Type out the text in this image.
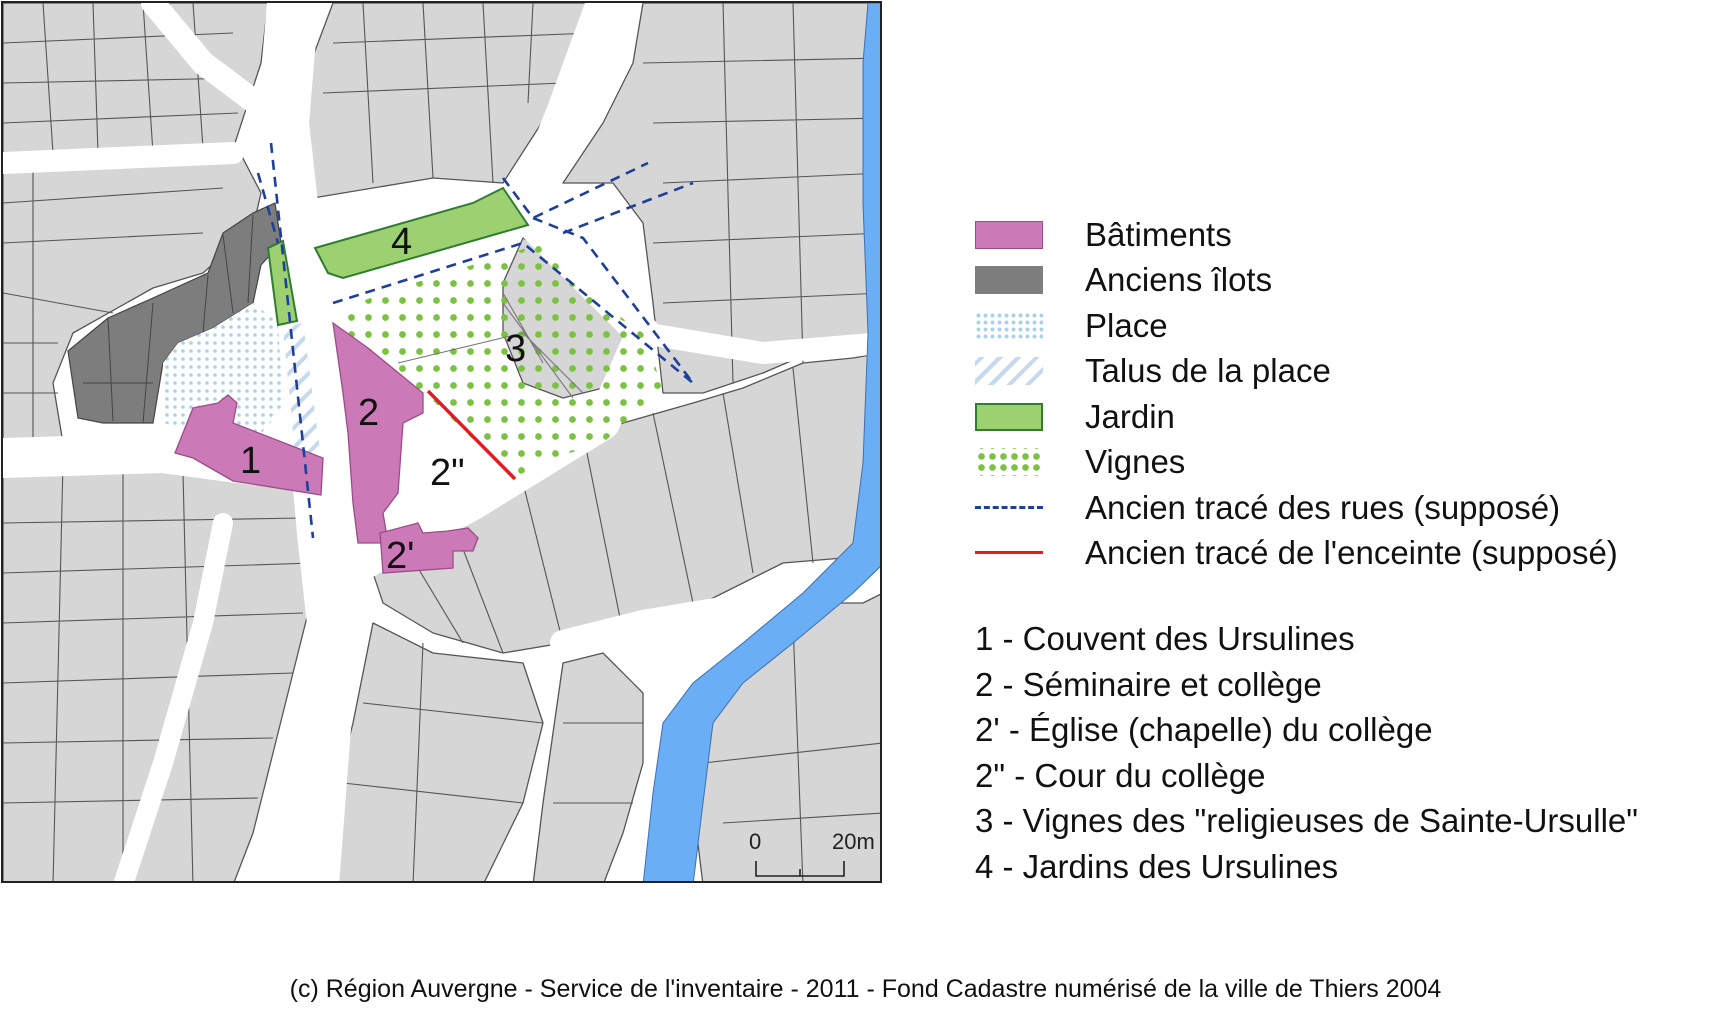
1
2
2'
2"
3
4
0	20m
Bâtiments
Anciens îlots
Place
Talus de la place
Jardin
Vignes
Ancien tracé des rues (supposé)
Ancien tracé de l'enceinte (supposé)
1 - Couvent des Ursulines
2 - Séminaire et collège
2' - Église (chapelle) du collège
2" - Cour du collège
3 - Vignes des "religieuses de Sainte-Ursulle"
4 - Jardins des Ursulines
(c) Région Auvergne - Service de l'inventaire - 2011 - Fond Cadastre numérisé de la ville de Thiers 2004
